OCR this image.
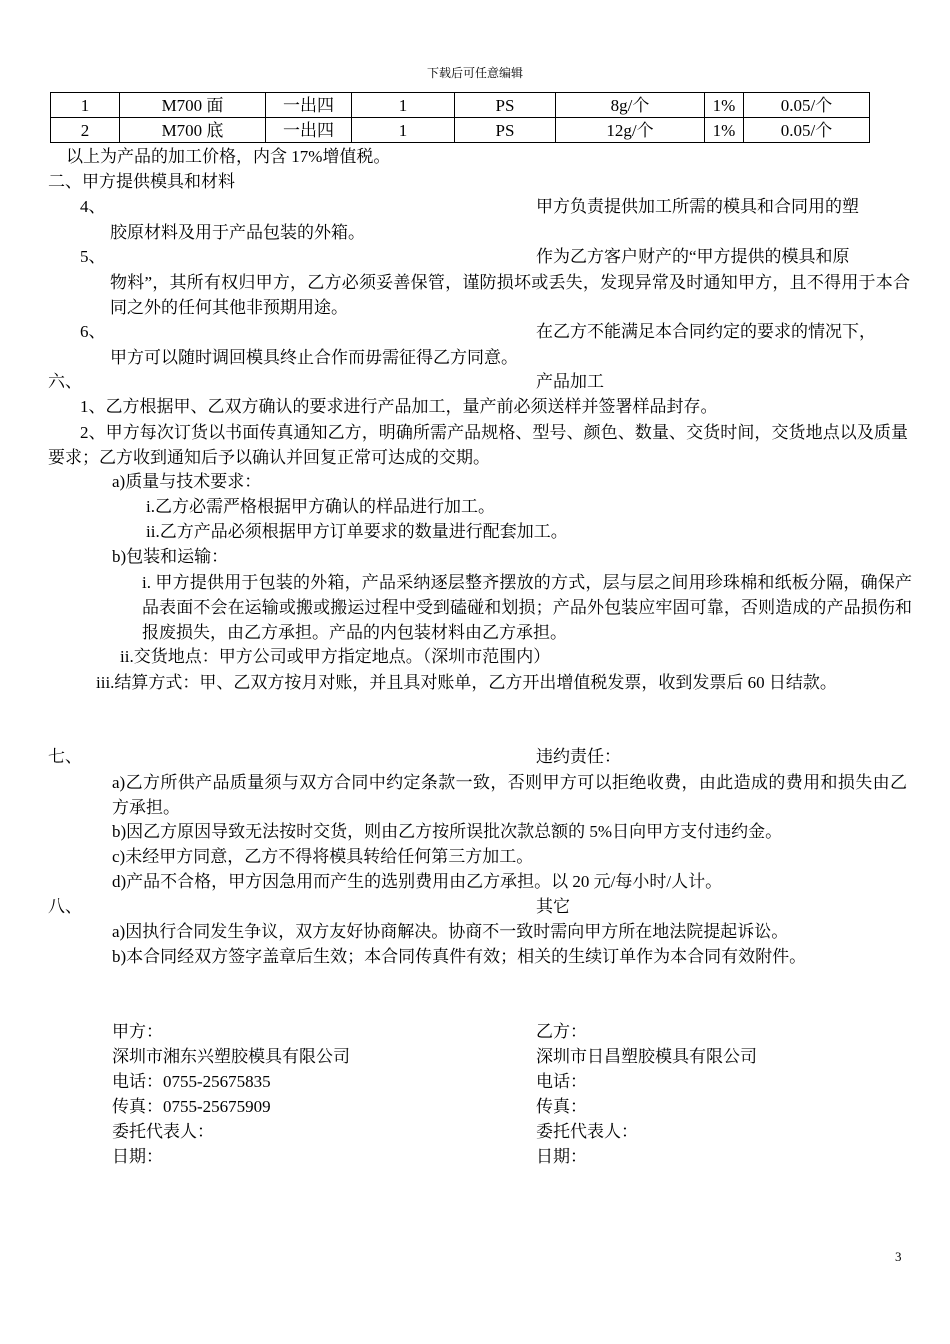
下载后可任意编辑
1	M700 面	一出四	1	PS	8g/个	1%	0.05/个
2	M700 底	一出四	1	PS	12g/个	1%	0.05/个
以上为产品的加工价格，内含 17%增值税。
二、甲方提供模具和材料
4、	甲方负责提供加工所需的模具和合同用的塑
胶原材料及用于产品包装的外箱。
5、	作为乙方客户财产的“甲方提供的模具和原
物料”，其所有权归甲方，乙方必须妥善保管，谨防损坏或丢失，发现异常及时通知甲方，且不得用于本合同之外的任何其他非预期用途。
6、	在乙方不能满足本合同约定的要求的情况下，
甲方可以随时调回模具终止合作而毋需征得乙方同意。
六、	产品加工
1、乙方根据甲、乙双方确认的要求进行产品加工，量产前必须送样并签署样品封存。
2、甲方每次订货以书面传真通知乙方，明确所需产品规格、型号、颜色、数量、交货时间，交货地点以及质量要求；乙方收到通知后予以确认并回复正常可达成的交期。
a)质量与技术要求：
i.乙方必需严格根据甲方确认的样品进行加工。
ii.乙方产品必须根据甲方订单要求的数量进行配套加工。
b)包装和运输：
i. 甲方提供用于包装的外箱，产品采纳逐层整齐摆放的方式，层与层之间用珍珠棉和纸板分隔，确保产品表面不会在运输或搬或搬运过程中受到磕碰和划损；产品外包装应牢固可靠，否则造成的产品损伤和报废损失，由乙方承担。产品的内包装材料由乙方承担。
ii.交货地点：甲方公司或甲方指定地点。（深圳市范围内）
iii.结算方式：甲、乙双方按月对账，并且具对账单，乙方开出增值税发票，收到发票后 60 日结款。
七、	违约责任：
a)乙方所供产品质量须与双方合同中约定条款一致，否则甲方可以拒绝收费，由此造成的费用和损失由乙方承担。
b)因乙方原因导致无法按时交货，则由乙方按所误批次款总额的 5%日向甲方支付违约金。
c)未经甲方同意，乙方不得将模具转给任何第三方加工。
d)产品不合格，甲方因急用而产生的选别费用由乙方承担。以 20 元/每小时/人计。
八、	其它
a)因执行合同发生争议，双方友好协商解决。协商不一致时需向甲方所在地法院提起诉讼。
b)本合同经双方签字盖章后生效；本合同传真件有效；相关的生续订单作为本合同有效附件。
甲方：
深圳市湘东兴塑胶模具有限公司
电话：0755-25675835
传真：0755-25675909
委托代表人：
日期：
乙方：
深圳市日昌塑胶模具有限公司
电话：
传真：
委托代表人：
日期：
3
